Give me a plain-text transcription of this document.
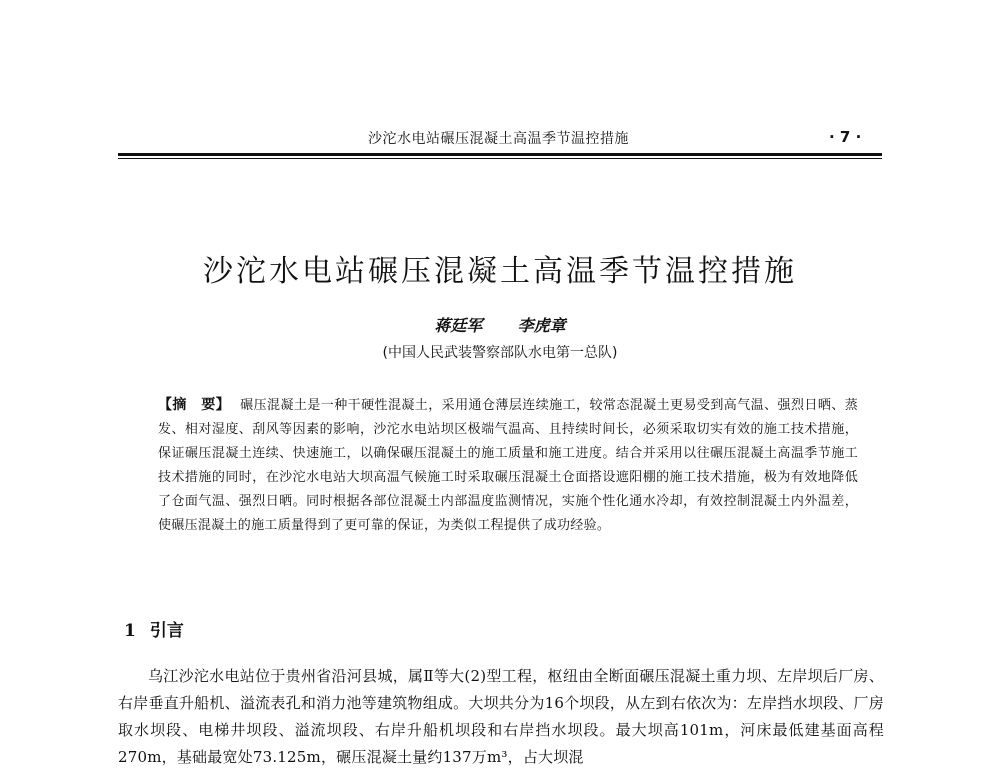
沙沱水电站碾压混凝土高温季节温控措施	· 7 ·
沙沱水电站碾压混凝土高温季节温控措施
蒋廷军 李虎章
(中国人民武装警察部队水电第一总队)
【摘　要】 碾压混凝土是一种干硬性混凝土，采用通仓薄层连续施工，较常态混凝土更易受到高气温、强烈日晒、蒸发、相对湿度、刮风等因素的影响，沙沱水电站坝区极端气温高、且持续时间长，必须采取切实有效的施工技术措施，保证碾压混凝土连续、快速施工，以确保碾压混凝土的施工质量和施工进度。结合并采用以往碾压混凝土高温季节施工技术措施的同时，在沙沱水电站大坝高温气候施工时采取碾压混凝土仓面搭设遮阳棚的施工技术措施，极为有效地降低了仓面气温、强烈日晒。同时根据各部位混凝土内部温度监测情况，实施个性化通水冷却，有效控制混凝土内外温差，使碾压混凝土的施工质量得到了更可靠的保证，为类似工程提供了成功经验。
1 引言

乌江沙沱水电站位于贵州省沿河县城，属Ⅱ等大(2)型工程，枢纽由全断面碾压混凝土重力坝、左岸坝后厂房、右岸垂直升船机、溢流表孔和消力池等建筑物组成。大坝共分为16个坝段，从左到右依次为：左岸挡水坝段、厂房取水坝段、电梯井坝段、溢流坝段、右岸升船机坝段和右岸挡水坝段。最大坝高101m，河床最低建基面高程270m，基础最宽处73.125m，碾压混凝土量约137万m³，占大坝混
